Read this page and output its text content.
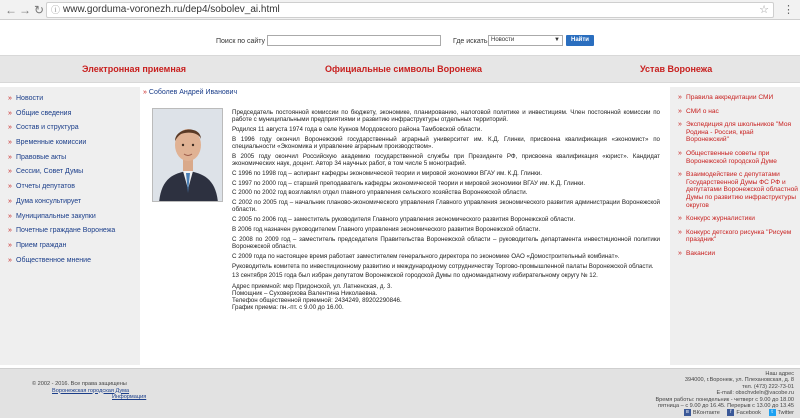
← → ↻ ⓘ www.gorduma-voronezh.ru/dep4/sobolev_ai.html	☆ ⋮
Поиск по сайту	Где искать Новости	▼	Найти
Электронная приемная	Официальные символы Воронежа	Устав Воронежа
» Новости
» Общие сведения
» Состав и структура
» Временные комиссии
» Правовые акты
» Сессии, Совет Думы
» Отчеты депутатов
» Дума консультирует
» Муниципальные закупки
» Почетные граждане Воронежа
» Прием граждан
» Общественное мнение
» Соболев Андрей Иванович

Председатель постоянной комиссии по бюджету, экономике, планированию, налоговой политике и инвестициям. Член постоянной комиссии по работе с муниципальными предприятиями и развитию инфраструктуры отдельных территорий.

Родился 11 августа 1974 года в селе Кукнов Мордовского района Тамбовской области.

В 1996 году окончил Воронежский государственный аграрный университет им. К.Д. Глинки, присвоена квалификация «экономист» по специальности «Экономика и управление аграрным производством».

В 2005 году окончил Российскую академию государственной службы при Президенте РФ, присвоена квалификация «юрист». Кандидат экономических наук, доцент. Автор 34 научных работ, в том числе 5 монографий.

С 1996 по 1998 год – аспирант кафедры экономической теории и мировой экономики ВГАУ им. К.Д. Глинки.

С 1997 по 2000 год – старший преподаватель кафедры экономической теории и мировой экономики ВГАУ им. К.Д. Глинки.

С 2000 по 2002 год возглавлял отдел главного управления сельского хозяйства Воронежской области.

С 2002 по 2005 год – начальник планово-экономического управления Главного управления экономического развития администрации Воронежской области.

С 2005 по 2006 год – заместитель руководителя Главного управления экономического развития Воронежской области.

В 2006 год назначен руководителем Главного управления экономического развития Воронежской области.

С 2008 по 2009 год – заместитель председателя Правительства Воронежской области – руководитель департамента инвестиционной политики Воронежской области.

С 2009 года по настоящее время работает заместителем генерального директора по экономике ОАО «Домостроительный комбинат».

Руководитель комитета по инвестиционному развитию и международному сотрудничеству Торгово-промышленной палаты Воронежской области.

13 сентября 2015 года был избран депутатом Воронежской городской Думы по одномандатному избирательному округу № 12.

Адрес приемной: мкр Придонской, ул. Латненская, д. 3.
Помощник – Суховерхова Валентина Николаевна.
Телефон общественной приемной: 2434249, 89202290846.
График приема: пн.-пт. с 9.00 до 16.00.
» Правила аккредитации СМИ
» СМИ о нас
» Экспедиция для школьников "Моя Родина - Россия, край Воронежский"
» Общественные советы при Воронежской городской Думе
» Взаимодействие с депутатами Государственной Думы ФС РФ и депутатами Воронежской областной Думы по развитию инфраструктуры округов
» Конкурс журналистики
» Конкурс детского рисунка "Рисуем праздник"
» Вакансии
© 2002 - 2016. Все права защищены
Воронежская городская Дума
Информация
Наш адрес
394000, г.Воронеж, ул. Плехановская, д. 8
тел. (473) 222-73-01
E-mail: obschvdeln@vacobe.ru
Время работы: понедельник - четверг с 9.00 до 18.00
пятница – с 9.00 до 16.45. Перерыв с 13.00 до 13.45
в ВКонтакте f Facebook t Twitter
